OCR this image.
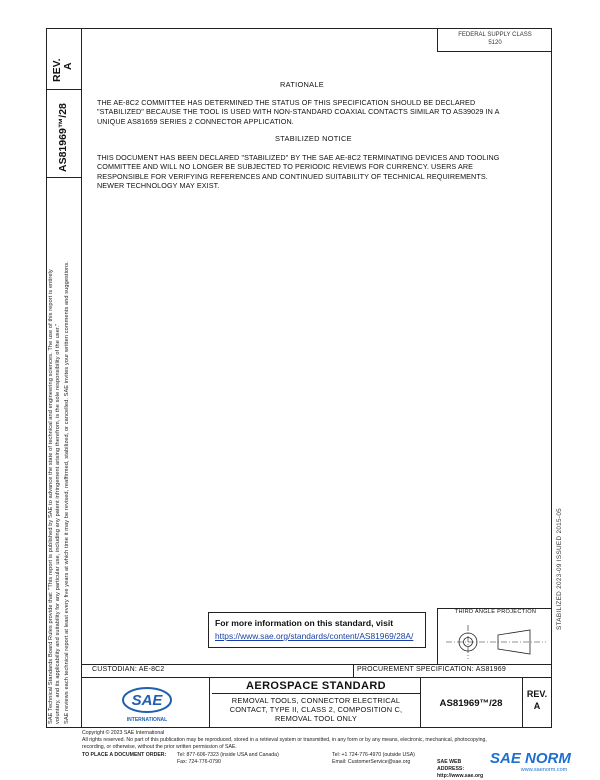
REV.
A
AS81969™/28
SAE Technical Standards Board Rules provide that: "This report is published by SAE to advance the state of technical and engineering sciences. The use of this report is entirely voluntary, and its applicability and suitability for any particular use, including any patent infringement arising therefrom, is the sole responsibility of the user." SAE reviews each technical report at least every five years at which time it may be revised, reaffirmed, stabilized, or cancelled. SAE invites your written comments and suggestions.
FEDERAL SUPPLY CLASS
5120
RATIONALE
THE AE-8C2 COMMITTEE HAS DETERMINED THE STATUS OF THIS SPECIFICATION SHOULD BE DECLARED
"STABILIZED" BECAUSE THE TOOL IS USED WITH NON-STANDARD COAXIAL CONTACTS SIMILAR TO AS39029 IN A
UNIQUE AS81659 SERIES 2 CONNECTOR APPLICATION.
STABILIZED NOTICE
THIS DOCUMENT HAS BEEN DECLARED "STABILIZED" BY THE SAE AE-8C2 TERMINATING DEVICES AND TOOLING
COMMITTEE AND WILL NO LONGER BE SUBJECTED TO PERIODIC REVIEWS FOR CURRENCY. USERS ARE
RESPONSIBLE FOR VERIFYING REFERENCES AND CONTINUED SUITABILITY OF TECHNICAL REQUIREMENTS.
NEWER TECHNOLOGY MAY EXIST.
STABILIZED 2023-09 ISSUED 2015-05
For more information on this standard, visit
https://www.sae.org/standards/content/AS81969/28A/
THIRD ANGLE PROJECTION
CUSTODIAN: AE-8C2	PROCUREMENT SPECIFICATION: AS81969
SAE
INTERNATIONAL
AEROSPACE STANDARD
REMOVAL TOOLS, CONNECTOR ELECTRICAL
CONTACT, TYPE II, CLASS 2, COMPOSITION C,
REMOVAL TOOL ONLY
AS81969™/28
REV.
A
Copyright © 2023 SAE International
All rights reserved. No part of this publication may be reproduced, stored in a retrieval system or transmitted, in any form or by any means, electronic, mechanical, photocopying,
recording, or otherwise, without the prior written permission of SAE.
TO PLACE A DOCUMENT ORDER: Tel: 877-606-7323 (inside USA and Canada)	Tel: +1 724-776-4970 (outside USA)
Fax: 724-776-0790	Email: CustomerService@sae.org	SAE WEB ADDRESS: http://www.sae.org
SAE NORM
www.saenorm.com
